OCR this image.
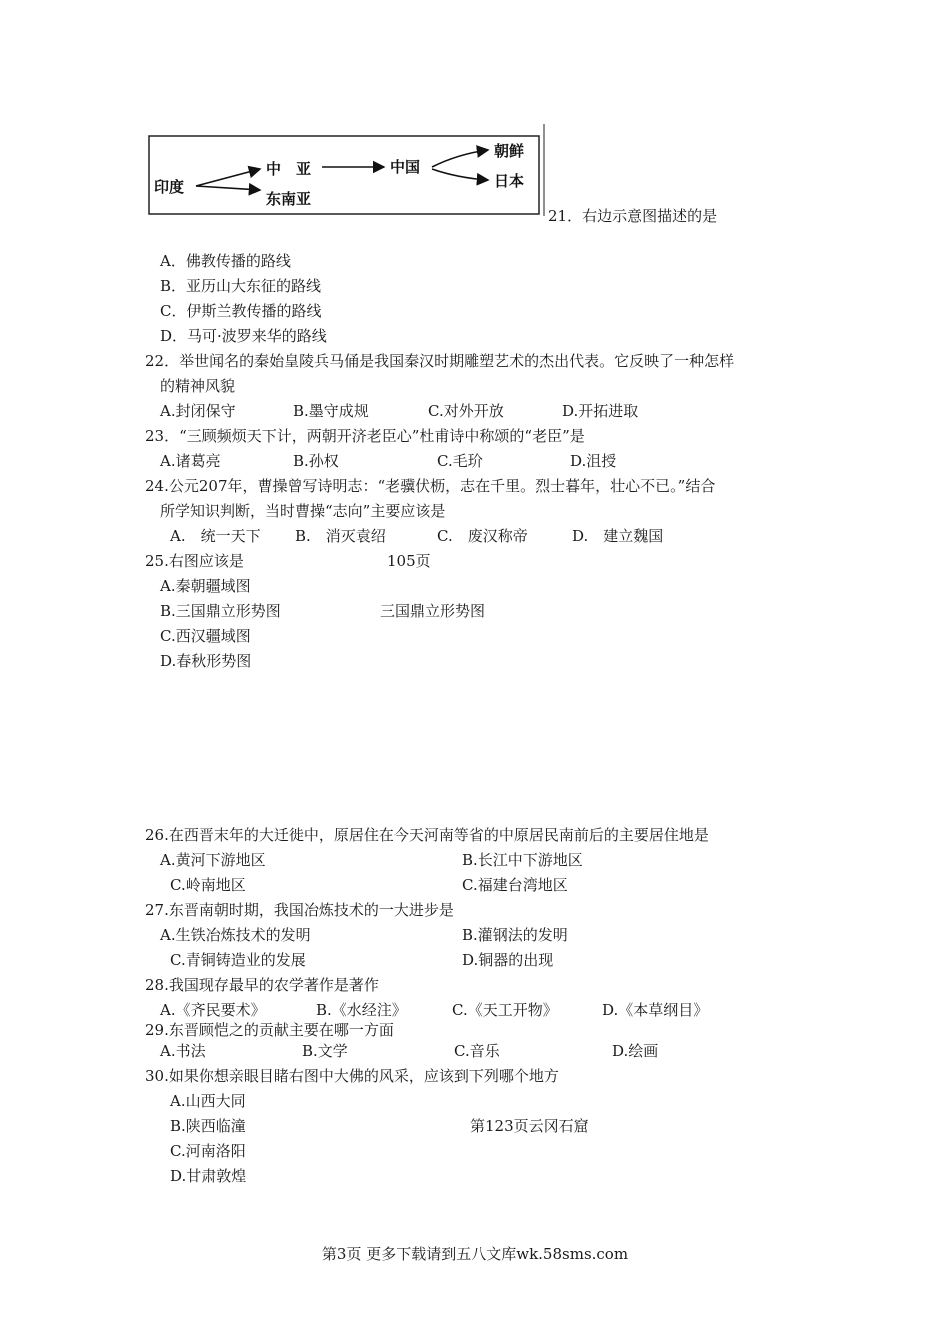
印度
中　亚
东南亚
中国
朝鲜
日本
21．右边示意图描述的是
A．佛教传播的路线
B．亚历山大东征的路线
C．伊斯兰教传播的路线
D．马可·波罗来华的路线
22．举世闻名的秦始皇陵兵马俑是我国秦汉时期雕塑艺术的杰出代表。它反映了一种怎样
的精神风貌
A.封闭保守	B.墨守成规	C.对外开放	D.开拓进取
23．“三顾频烦天下计，两朝开济老臣心”杜甫诗中称颂的“老臣”是
A.诸葛亮	B.孙权	C.毛玠	D.沮授
24.公元207年，曹操曾写诗明志：“老骥伏枥，志在千里。烈士暮年，壮心不已。”结合
所学知识判断，当时曹操“志向”主要应该是
A.　统一天下 B.　消灭袁绍	C.　废汉称帝	D.　建立魏国
25.右图应该是	105页
A.秦朝疆域图
B.三国鼎立形势图	三国鼎立形势图
C.西汉疆域图
D.春秋形势图
26.在西晋末年的大迁徙中，原居住在今天河南等省的中原居民南前后的主要居住地是
A.黄河下游地区	B.长江中下游地区
C.岭南地区	C.福建台湾地区
27.东晋南朝时期，我国冶炼技术的一大进步是
A.生铁冶炼技术的发明	B.灌钢法的发明
C.青铜铸造业的发展	D.铜器的出现
28.我国现存最早的农学著作是著作
A.《齐民要术》	B.《水经注》	C.《天工开物》	D.《本草纲目》
29.东晋顾恺之的贡献主要在哪一方面
A.书法	B.文学	C.音乐	D.绘画
30.如果你想亲眼目睹右图中大佛的风采，应该到下列哪个地方
A.山西大同
B.陕西临潼	第123页云冈石窟
C.河南洛阳
D.甘肃敦煌
第3页 更多下载请到五八文库wk.58sms.com
